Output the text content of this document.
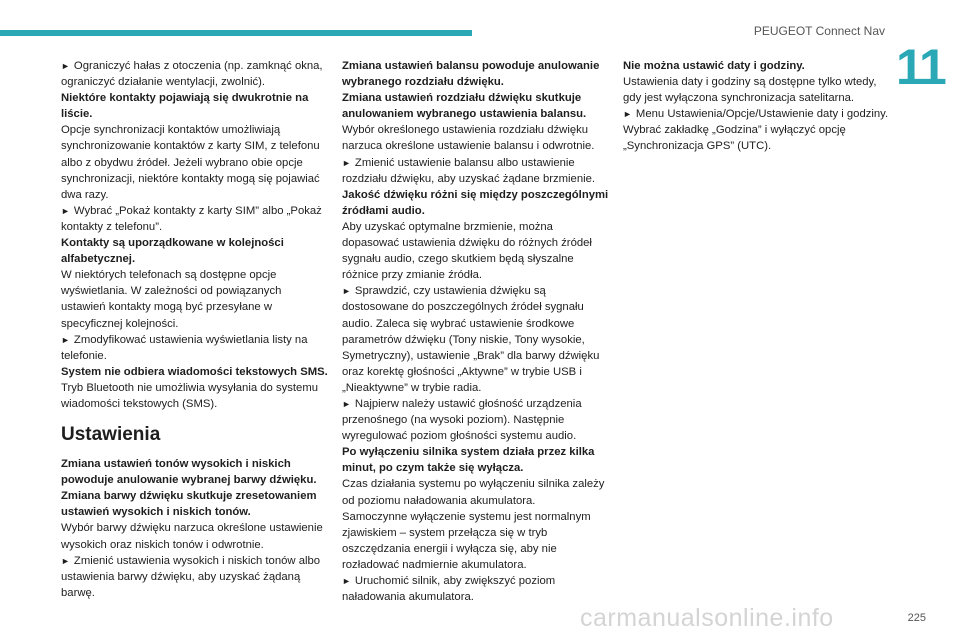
PEUGEOT Connect Nav
11

► Ograniczyć hałas z otoczenia (np. zamknąć okna, ograniczyć działanie wentylacji, zwolnić).

Niektóre kontakty pojawiają się dwukrotnie na liście.

Opcje synchronizacji kontaktów umożliwiają synchronizowanie kontaktów z karty SIM, z telefonu albo z obydwu źródeł. Jeżeli wybrano obie opcje synchronizacji, niektóre kontakty mogą się pojawiać dwa razy.

► Wybrać „Pokaż kontakty z karty SIM” albo „Pokaż kontakty z telefonu”.

Kontakty są uporządkowane w kolejności alfabetycznej.

W niektórych telefonach są dostępne opcje wyświetlania. W zależności od powiązanych ustawień kontakty mogą być przesyłane w specyficznej kolejności.

► Zmodyfikować ustawienia wyświetlania listy na telefonie.

System nie odbiera wiadomości tekstowych SMS.

Tryb Bluetooth nie umożliwia wysyłania do systemu wiadomości tekstowych (SMS).

Ustawienia

Zmiana ustawień tonów wysokich i niskich powoduje anulowanie wybranej barwy dźwięku.

Zmiana barwy dźwięku skutkuje zresetowaniem ustawień wysokich i niskich tonów.

Wybór barwy dźwięku narzuca określone ustawienie wysokich oraz niskich tonów i odwrotnie.

► Zmienić ustawienia wysokich i niskich tonów albo ustawienia barwy dźwięku, aby uzyskać żądaną barwę.

Zmiana ustawień balansu powoduje anulowanie wybranego rozdziału dźwięku.

Zmiana ustawień rozdziału dźwięku skutkuje anulowaniem wybranego ustawienia balansu.

Wybór określonego ustawienia rozdziału dźwięku narzuca określone ustawienie balansu i odwrotnie.

► Zmienić ustawienie balansu albo ustawienie rozdziału dźwięku, aby uzyskać żądane brzmienie.

Jakość dźwięku różni się między poszczególnymi źródłami audio.

Aby uzyskać optymalne brzmienie, można dopasować ustawienia dźwięku do różnych źródeł sygnału audio, czego skutkiem będą słyszalne różnice przy zmianie źródła.

► Sprawdzić, czy ustawienia dźwięku są dostosowane do poszczególnych źródeł sygnału audio. Zaleca się wybrać ustawienie środkowe parametrów dźwięku (Tony niskie, Tony wysokie, Symetryczny), ustawienie „Brak” dla barwy dźwięku oraz korektę głośności „Aktywne” w trybie USB i „Nieaktywne” w trybie radia.

► Najpierw należy ustawić głośność urządzenia przenośnego (na wysoki poziom). Następnie wyregulować poziom głośności systemu audio.

Po wyłączeniu silnika system działa przez kilka minut, po czym także się wyłącza.

Czas działania systemu po wyłączeniu silnika zależy od poziomu naładowania akumulatora.

Samoczynne wyłączenie systemu jest normalnym zjawiskiem – system przełącza się w tryb oszczędzania energii i wyłącza się, aby nie rozładować nadmiernie akumulatora.

► Uruchomić silnik, aby zwiększyć poziom naładowania akumulatora.

Nie można ustawić daty i godziny.

Ustawienia daty i godziny są dostępne tylko wtedy, gdy jest wyłączona synchronizacja satelitarna.

► Menu Ustawienia/Opcje/Ustawienie daty i godziny. Wybrać zakładkę „Godzina” i wyłączyć opcję „Synchronizacja GPS” (UTC).

carmanualsonline.info	225
